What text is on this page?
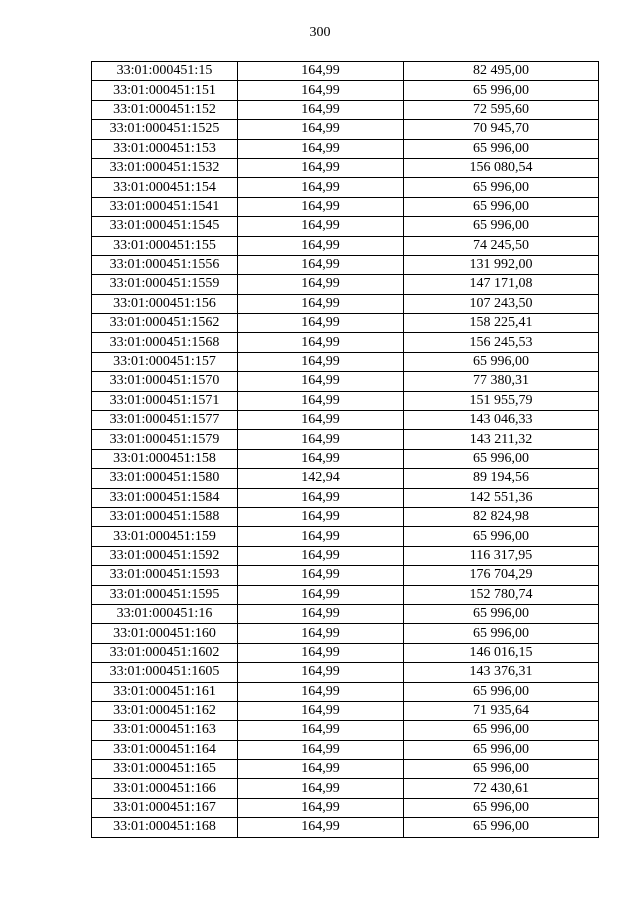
300
33:01:000451:15	164,99	82 495,00
33:01:000451:151	164,99	65 996,00
33:01:000451:152	164,99	72 595,60
33:01:000451:1525	164,99	70 945,70
33:01:000451:153	164,99	65 996,00
33:01:000451:1532	164,99	156 080,54
33:01:000451:154	164,99	65 996,00
33:01:000451:1541	164,99	65 996,00
33:01:000451:1545	164,99	65 996,00
33:01:000451:155	164,99	74 245,50
33:01:000451:1556	164,99	131 992,00
33:01:000451:1559	164,99	147 171,08
33:01:000451:156	164,99	107 243,50
33:01:000451:1562	164,99	158 225,41
33:01:000451:1568	164,99	156 245,53
33:01:000451:157	164,99	65 996,00
33:01:000451:1570	164,99	77 380,31
33:01:000451:1571	164,99	151 955,79
33:01:000451:1577	164,99	143 046,33
33:01:000451:1579	164,99	143 211,32
33:01:000451:158	164,99	65 996,00
33:01:000451:1580	142,94	89 194,56
33:01:000451:1584	164,99	142 551,36
33:01:000451:1588	164,99	82 824,98
33:01:000451:159	164,99	65 996,00
33:01:000451:1592	164,99	116 317,95
33:01:000451:1593	164,99	176 704,29
33:01:000451:1595	164,99	152 780,74
33:01:000451:16	164,99	65 996,00
33:01:000451:160	164,99	65 996,00
33:01:000451:1602	164,99	146 016,15
33:01:000451:1605	164,99	143 376,31
33:01:000451:161	164,99	65 996,00
33:01:000451:162	164,99	71 935,64
33:01:000451:163	164,99	65 996,00
33:01:000451:164	164,99	65 996,00
33:01:000451:165	164,99	65 996,00
33:01:000451:166	164,99	72 430,61
33:01:000451:167	164,99	65 996,00
33:01:000451:168	164,99	65 996,00
